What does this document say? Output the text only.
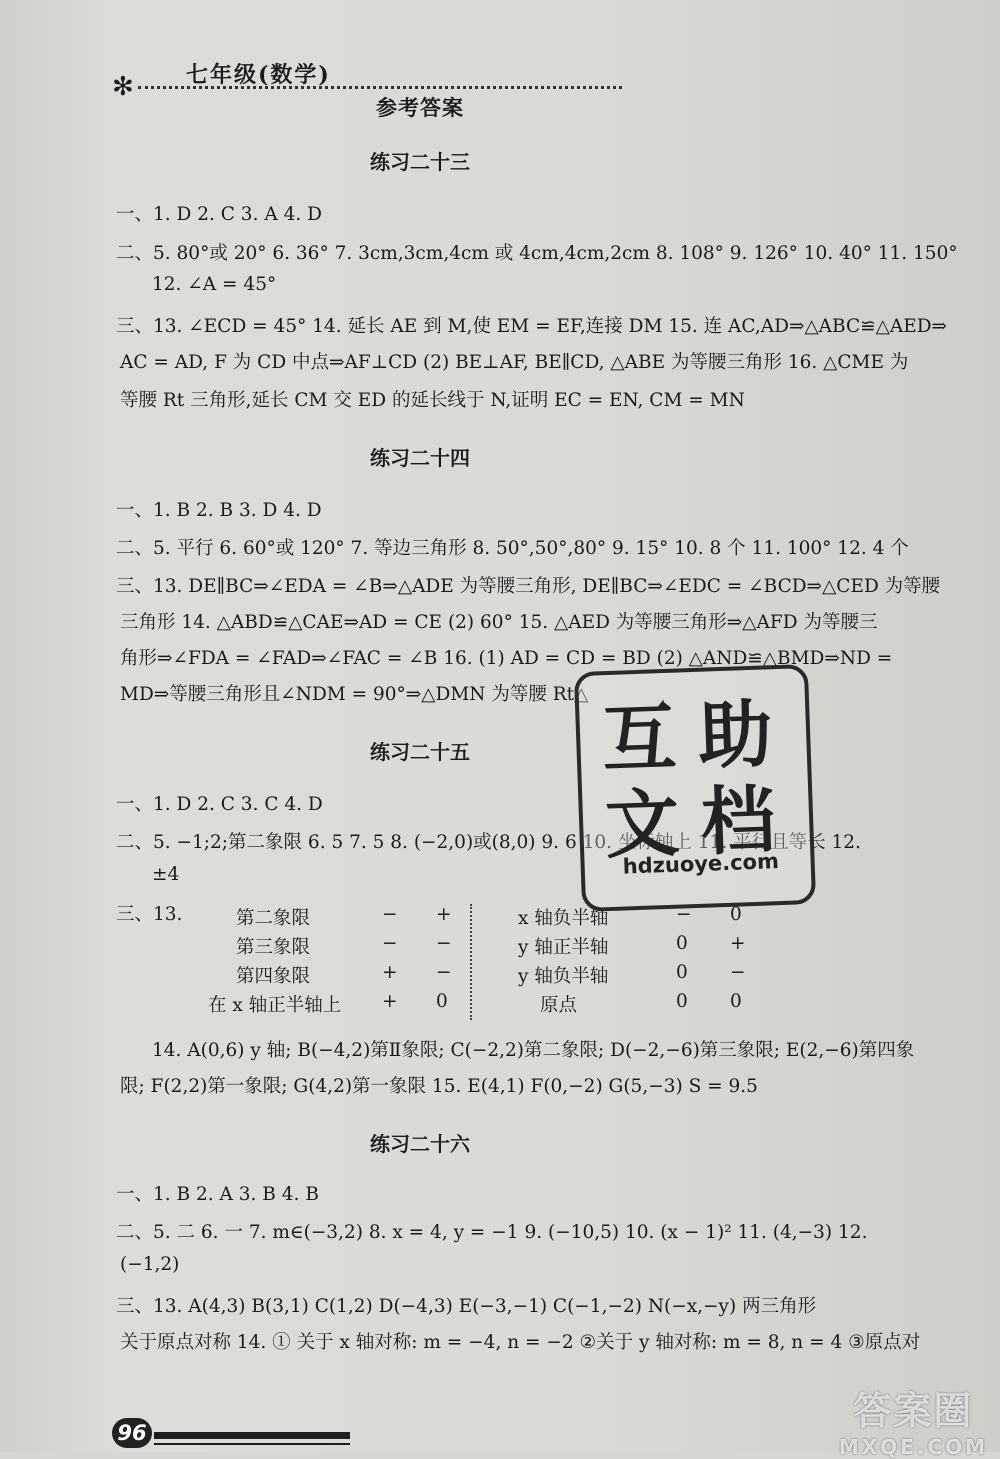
✻ 七年级(数学)
参考答案
练习二十三
一、1. D 2. C 3. A 4. D
二、5. 80°或 20° 6. 36° 7. 3cm,3cm,4cm 或 4cm,4cm,2cm 8. 108° 9. 126° 10. 40° 11. 150°
12. ∠A = 45°
三、13. ∠ECD = 45° 14. 延长 AE 到 M,使 EM = EF,连接 DM 15. 连 AC,AD⇒△ABC≌△AED⇒
AC = AD, F 为 CD 中点⇒AF⊥CD (2) BE⊥AF, BE∥CD, △ABE 为等腰三角形 16. △CME 为
等腰 Rt 三角形,延长 CM 交 ED 的延长线于 N,证明 EC = EN, CM = MN
练习二十四
一、1. B 2. B 3. D 4. D
二、5. 平行 6. 60°或 120° 7. 等边三角形 8. 50°,50°,80° 9. 15° 10. 8 个 11. 100° 12. 4 个
三、13. DE∥BC⇒∠EDA = ∠B⇒△ADE 为等腰三角形, DE∥BC⇒∠EDC = ∠BCD⇒△CED 为等腰
三角形 14. △ABD≌△CAE⇒AD = CE (2) 60° 15. △AED 为等腰三角形⇒△AFD 为等腰三
角形⇒∠FDA = ∠FAD⇒∠FAC = ∠B 16. (1) AD = CD = BD (2) △AND≌△BMD⇒ND =
MD⇒等腰三角形且∠NDM = 90°⇒△DMN 为等腰 Rt△
练习二十五
一、1. D 2. C 3. C 4. D
二、5. −1;2;第二象限 6. 5 7. 5 8. (−2,0)或(8,0) 9. 6 10. 坐标轴上 11. 平行且等长 12.
±4
三、13.	第二象限	− +	x 轴负半轴	− 0
第三象限	− −	y 轴正半轴	0 +
第四象限	+ −	y 轴负半轴	0 −
在 x 轴正半轴上 + 0	原点	0 0
14. A(0,6) y 轴; B(−4,2)第Ⅱ象限; C(−2,2)第二象限; D(−2,−6)第三象限; E(2,−6)第四象
限; F(2,2)第一象限; G(4,2)第一象限 15. E(4,1) F(0,−2) G(5,−3) S = 9.5
练习二十六
一、1. B 2. A 3. B 4. B
二、5. 二 6. 一 7. m∈(−3,2) 8. x = 4, y = −1 9. (−10,5) 10. (x − 1)² 11. (4,−3) 12.
(−1,2)
三、13. A(4,3) B(3,1) C(1,2) D(−4,3) E(−3,−1) C(−1,−2) N(−x,−y) 两三角形
关于原点对称 14. ① 关于 x 轴对称: m = −4, n = −2 ②关于 y 轴对称: m = 8, n = 4 ③原点对
互 助
文 档
hdzuoye.com
96	答案圈
MXQE.COM
